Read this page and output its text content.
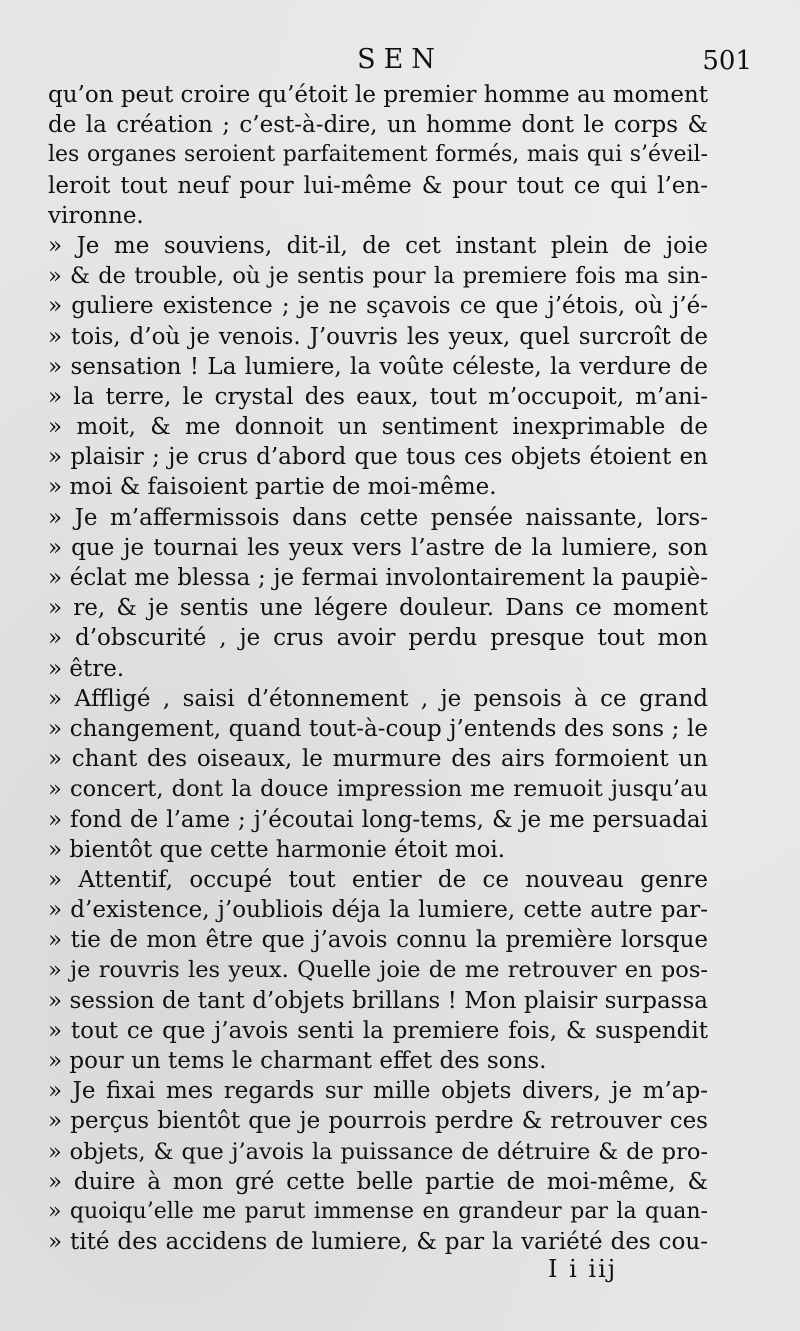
SEN	501
qu’on peut croire qu’étoit le premier homme au moment
de la création ; c’est-à-dire, un homme dont le corps &
les organes seroient parfaitement formés, mais qui s’éveil-
leroit tout neuf pour lui-même & pour tout ce qui l’en-
vironne.
» Je me souviens, dit-il, de cet instant plein de joie
» & de trouble, où je sentis pour la premiere fois ma sin-
» guliere existence ; je ne sçavois ce que j’étois, où j’é-
» tois, d’où je venois. J’ouvris les yeux, quel surcroît de
» sensation ! La lumiere, la voûte céleste, la verdure de
» la terre, le crystal des eaux, tout m’occupoit, m’ani-
» moit, & me donnoit un sentiment inexprimable de
» plaisir ; je crus d’abord que tous ces objets étoient en
» moi & faisoient partie de moi-même.
» Je m’affermissois dans cette pensée naissante, lors-
» que je tournai les yeux vers l’astre de la lumiere, son
» éclat me blessa ; je fermai involontairement la paupiè-
» re, & je sentis une légere douleur. Dans ce moment
» d’obscurité , je crus avoir perdu presque tout mon
» être.
» Affligé , saisi d’étonnement , je pensois à ce grand
» changement, quand tout-à-coup j’entends des sons ; le
» chant des oiseaux, le murmure des airs formoient un
» concert, dont la douce impression me remuoit jusqu’au
» fond de l’ame ; j’écoutai long-tems, & je me persuadai
» bientôt que cette harmonie étoit moi.
» Attentif, occupé tout entier de ce nouveau genre
» d’existence, j’oubliois déja la lumiere, cette autre par-
» tie de mon être que j’avois connu la première lorsque
» je rouvris les yeux. Quelle joie de me retrouver en pos-
» session de tant d’objets brillans ! Mon plaisir surpassa
» tout ce que j’avois senti la premiere fois, & suspendit
» pour un tems le charmant effet des sons.
» Je fixai mes regards sur mille objets divers, je m’ap-
» perçus bientôt que je pourrois perdre & retrouver ces
» objets, & que j’avois la puissance de détruire & de pro-
» duire à mon gré cette belle partie de moi-même, &
» quoiqu’elle me parut immense en grandeur par la quan-
» tité des accidens de lumiere, & par la variété des cou-
I i iij
